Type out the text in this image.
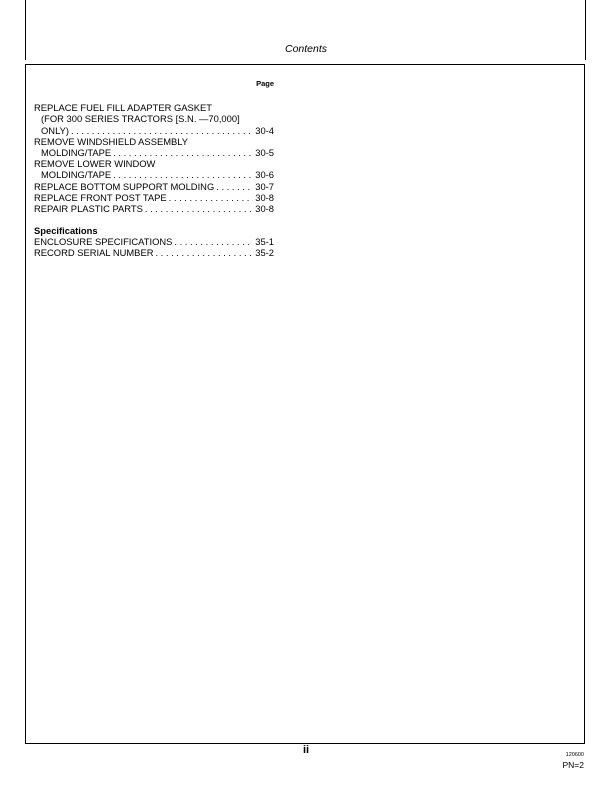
Contents
Page
REPLACE FUEL FILL ADAPTER GASKET
(FOR 300 SERIES TRACTORS [S.N. —70,000]
ONLY) . . .	30-4
REMOVE WINDSHIELD ASSEMBLY
MOLDING/TAPE . . .	30-5
REMOVE LOWER WINDOW
MOLDING/TAPE . . .	30-6
REPLACE BOTTOM SUPPORT MOLDING . . .	30-7
REPLACE FRONT POST TAPE . . .	30-8
REPAIR PLASTIC PARTS . . .	30-8
Specifications
ENCLOSURE SPECIFICATIONS . . .	35-1
RECORD SERIAL NUMBER . . .	35-2
ii	120600
PN=2
